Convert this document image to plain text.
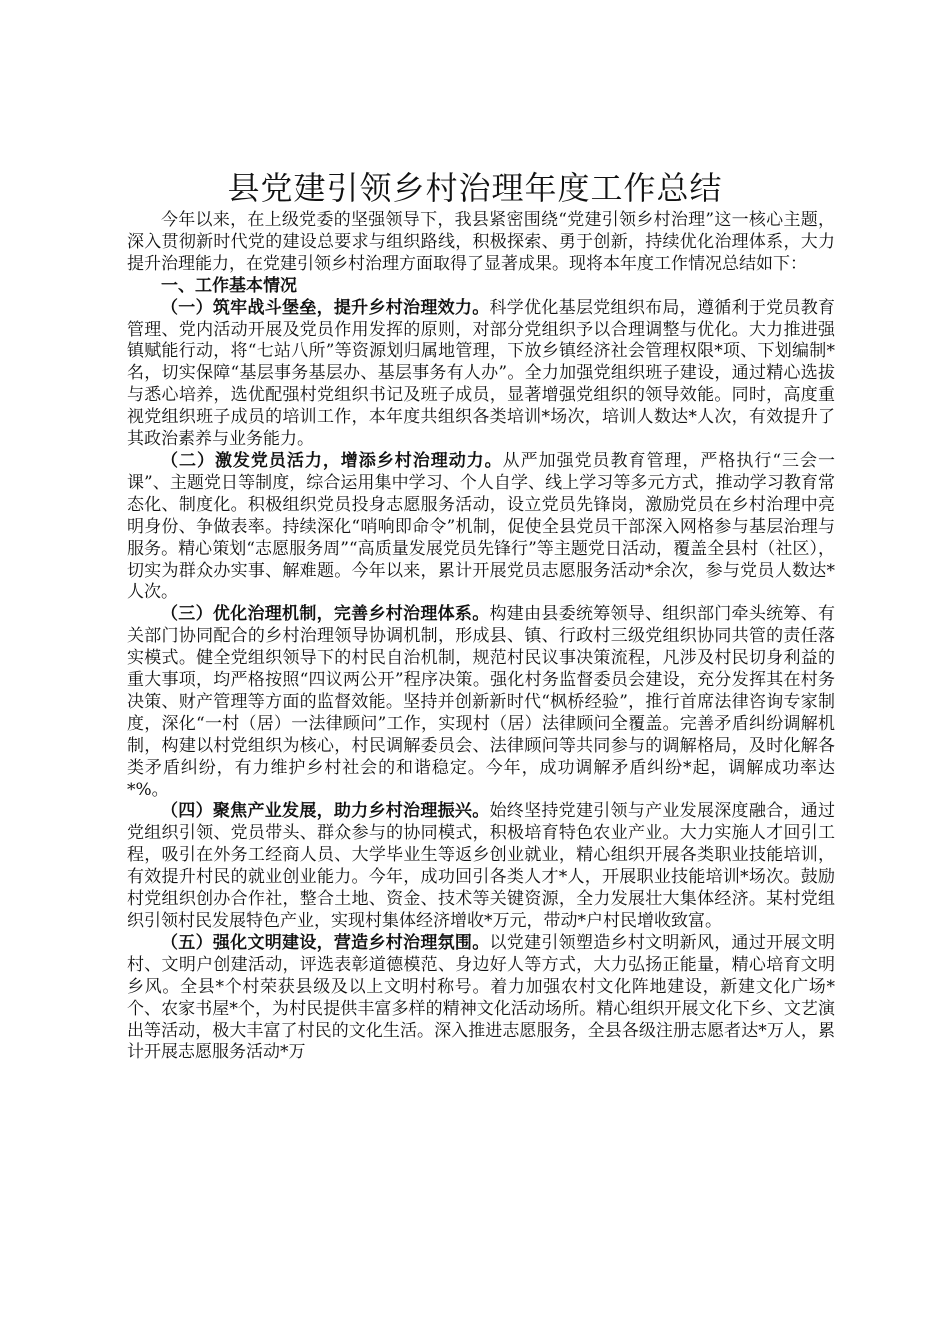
县党建引领乡村治理年度工作总结

今年以来，在上级党委的坚强领导下，我县紧密围绕“党建引领乡村治理”这一核心主题，深入贯彻新时代党的建设总要求与组织路线，积极探索、勇于创新，持续优化治理体系，大力提升治理能力，在党建引领乡村治理方面取得了显著成果。现将本年度工作情况总结如下：

一、工作基本情况

（一）筑牢战斗堡垒，提升乡村治理效力。科学优化基层党组织布局，遵循利于党员教育管理、党内活动开展及党员作用发挥的原则，对部分党组织予以合理调整与优化。大力推进强镇赋能行动，将“七站八所”等资源划归属地管理，下放乡镇经济社会管理权限*项、下划编制*名，切实保障“基层事务基层办、基层事务有人办”。全力加强党组织班子建设，通过精心选拔与悉心培养，选优配强村党组织书记及班子成员，显著增强党组织的领导效能。同时，高度重视党组织班子成员的培训工作，本年度共组织各类培训*场次，培训人数达*人次，有效提升了其政治素养与业务能力。

（二）激发党员活力，增添乡村治理动力。从严加强党员教育管理，严格执行“三会一课”、主题党日等制度，综合运用集中学习、个人自学、线上学习等多元方式，推动学习教育常态化、制度化。积极组织党员投身志愿服务活动，设立党员先锋岗，激励党员在乡村治理中亮明身份、争做表率。持续深化“哨响即命令”机制，促使全县党员干部深入网格参与基层治理与服务。精心策划“志愿服务周”“高质量发展党员先锋行”等主题党日活动，覆盖全县村（社区），切实为群众办实事、解难题。今年以来，累计开展党员志愿服务活动*余次，参与党员人数达*人次。

（三）优化治理机制，完善乡村治理体系。构建由县委统筹领导、组织部门牵头统筹、有关部门协同配合的乡村治理领导协调机制，形成县、镇、行政村三级党组织协同共管的责任落实模式。健全党组织领导下的村民自治机制，规范村民议事决策流程，凡涉及村民切身利益的重大事项，均严格按照“四议两公开”程序决策。强化村务监督委员会建设，充分发挥其在村务决策、财产管理等方面的监督效能。坚持并创新新时代“枫桥经验”，推行首席法律咨询专家制度，深化“一村（居）一法律顾问”工作，实现村（居）法律顾问全覆盖。完善矛盾纠纷调解机制，构建以村党组织为核心，村民调解委员会、法律顾问等共同参与的调解格局，及时化解各类矛盾纠纷，有力维护乡村社会的和谐稳定。今年，成功调解矛盾纠纷*起，调解成功率达*%。

（四）聚焦产业发展，助力乡村治理振兴。始终坚持党建引领与产业发展深度融合，通过党组织引领、党员带头、群众参与的协同模式，积极培育特色农业产业。大力实施人才回引工程，吸引在外务工经商人员、大学毕业生等返乡创业就业，精心组织开展各类职业技能培训，有效提升村民的就业创业能力。今年，成功回引各类人才*人，开展职业技能培训*场次。鼓励村党组织创办合作社，整合土地、资金、技术等关键资源，全力发展壮大集体经济。某村党组织引领村民发展特色产业，实现村集体经济增收*万元，带动*户村民增收致富。

（五）强化文明建设，营造乡村治理氛围。以党建引领塑造乡村文明新风，通过开展文明村、文明户创建活动，评选表彰道德模范、身边好人等方式，大力弘扬正能量，精心培育文明乡风。全县*个村荣获县级及以上文明村称号。着力加强农村文化阵地建设，新建文化广场*个、农家书屋*个，为村民提供丰富多样的精神文化活动场所。精心组织开展文化下乡、文艺演出等活动，极大丰富了村民的文化生活。深入推进志愿服务，全县各级注册志愿者达*万人，累计开展志愿服务活动*万
